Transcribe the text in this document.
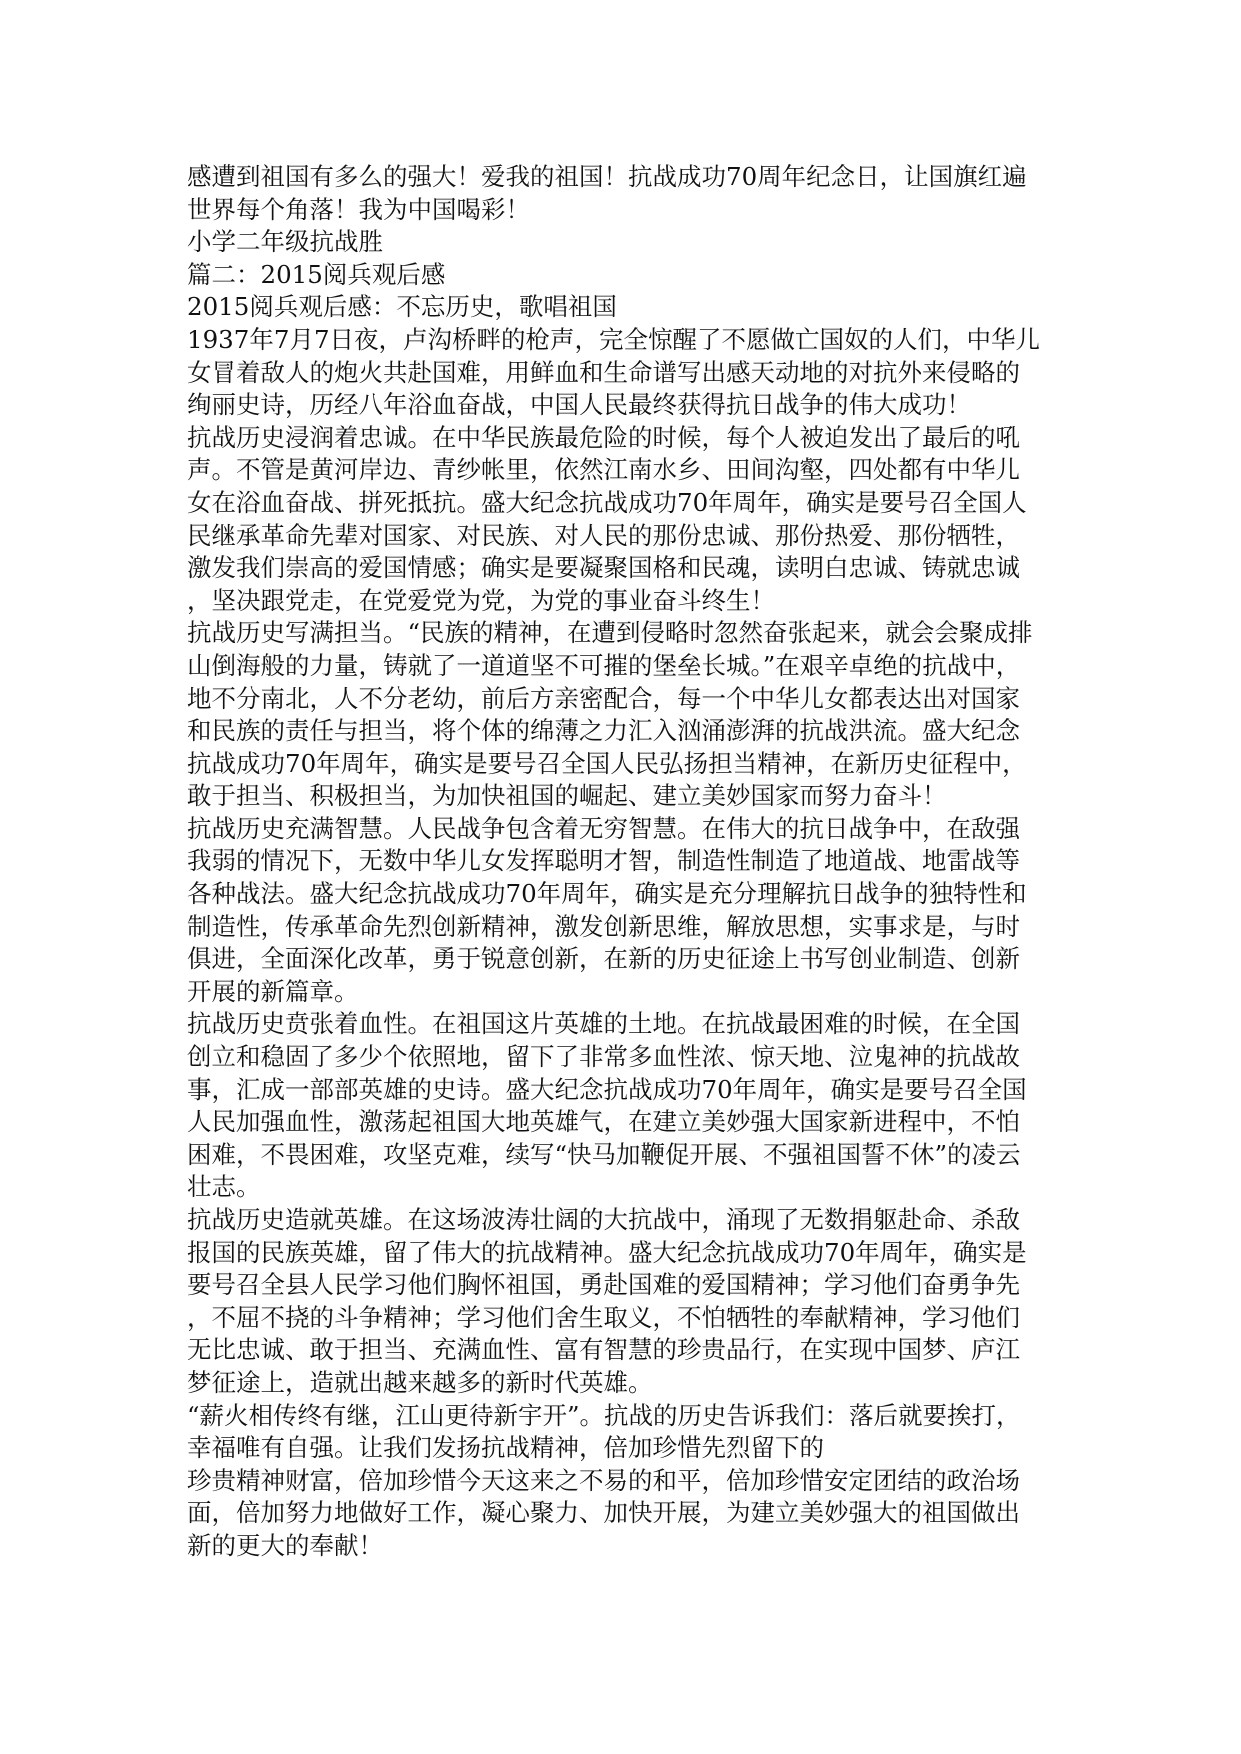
感遭到祖国有多么的强大！爱我的祖国！抗战成功70周年纪念日，让国旗红遍
世界每个角落！我为中国喝彩！
小学二年级抗战胜
篇二：2015阅兵观后感
2015阅兵观后感：不忘历史，歌唱祖国
1937年7月7日夜，卢沟桥畔的枪声，完全惊醒了不愿做亡国奴的人们，中华儿
女冒着敌人的炮火共赴国难，用鲜血和生命谱写出感天动地的对抗外来侵略的
绚丽史诗，历经八年浴血奋战，中国人民最终获得抗日战争的伟大成功！
抗战历史浸润着忠诚。在中华民族最危险的时候，每个人被迫发出了最后的吼
声。不管是黄河岸边、青纱帐里，依然江南水乡、田间沟壑，四处都有中华儿
女在浴血奋战、拼死抵抗。盛大纪念抗战成功70年周年，确实是要号召全国人
民继承革命先辈对国家、对民族、对人民的那份忠诚、那份热爱、那份牺牲，
激发我们崇高的爱国情感；确实是要凝聚国格和民魂，读明白忠诚、铸就忠诚
，坚决跟党走，在党爱党为党，为党的事业奋斗终生！
抗战历史写满担当。“民族的精神，在遭到侵略时忽然奋张起来，就会会聚成排
山倒海般的力量，铸就了一道道坚不可摧的堡垒长城。”在艰辛卓绝的抗战中，
地不分南北，人不分老幼，前后方亲密配合，每一个中华儿女都表达出对国家
和民族的责任与担当，将个体的绵薄之力汇入汹涌澎湃的抗战洪流。盛大纪念
抗战成功70年周年，确实是要号召全国人民弘扬担当精神，在新历史征程中，
敢于担当、积极担当，为加快祖国的崛起、建立美妙国家而努力奋斗！
抗战历史充满智慧。人民战争包含着无穷智慧。在伟大的抗日战争中，在敌强
我弱的情况下，无数中华儿女发挥聪明才智，制造性制造了地道战、地雷战等
各种战法。盛大纪念抗战成功70年周年，确实是充分理解抗日战争的独特性和
制造性，传承革命先烈创新精神，激发创新思维，解放思想，实事求是，与时
俱进，全面深化改革，勇于锐意创新，在新的历史征途上书写创业制造、创新
开展的新篇章。
抗战历史贲张着血性。在祖国这片英雄的土地。在抗战最困难的时候，在全国
创立和稳固了多少个依照地，留下了非常多血性浓、惊天地、泣鬼神的抗战故
事，汇成一部部英雄的史诗。盛大纪念抗战成功70年周年，确实是要号召全国
人民加强血性，激荡起祖国大地英雄气，在建立美妙强大国家新进程中，不怕
困难，不畏困难，攻坚克难，续写“快马加鞭促开展、不强祖国誓不休”的凌云
壮志。
抗战历史造就英雄。在这场波涛壮阔的大抗战中，涌现了无数捐躯赴命、杀敌
报国的民族英雄，留了伟大的抗战精神。盛大纪念抗战成功70年周年，确实是
要号召全县人民学习他们胸怀祖国，勇赴国难的爱国精神；学习他们奋勇争先
，不屈不挠的斗争精神；学习他们舍生取义，不怕牺牲的奉献精神，学习他们
无比忠诚、敢于担当、充满血性、富有智慧的珍贵品行，在实现中国梦、庐江
梦征途上，造就出越来越多的新时代英雄。
“薪火相传终有继，江山更待新宇开”。抗战的历史告诉我们：落后就要挨打，
幸福唯有自强。让我们发扬抗战精神，倍加珍惜先烈留下的
珍贵精神财富，倍加珍惜今天这来之不易的和平，倍加珍惜安定团结的政治场
面，倍加努力地做好工作，凝心聚力、加快开展，为建立美妙强大的祖国做出
新的更大的奉献！
